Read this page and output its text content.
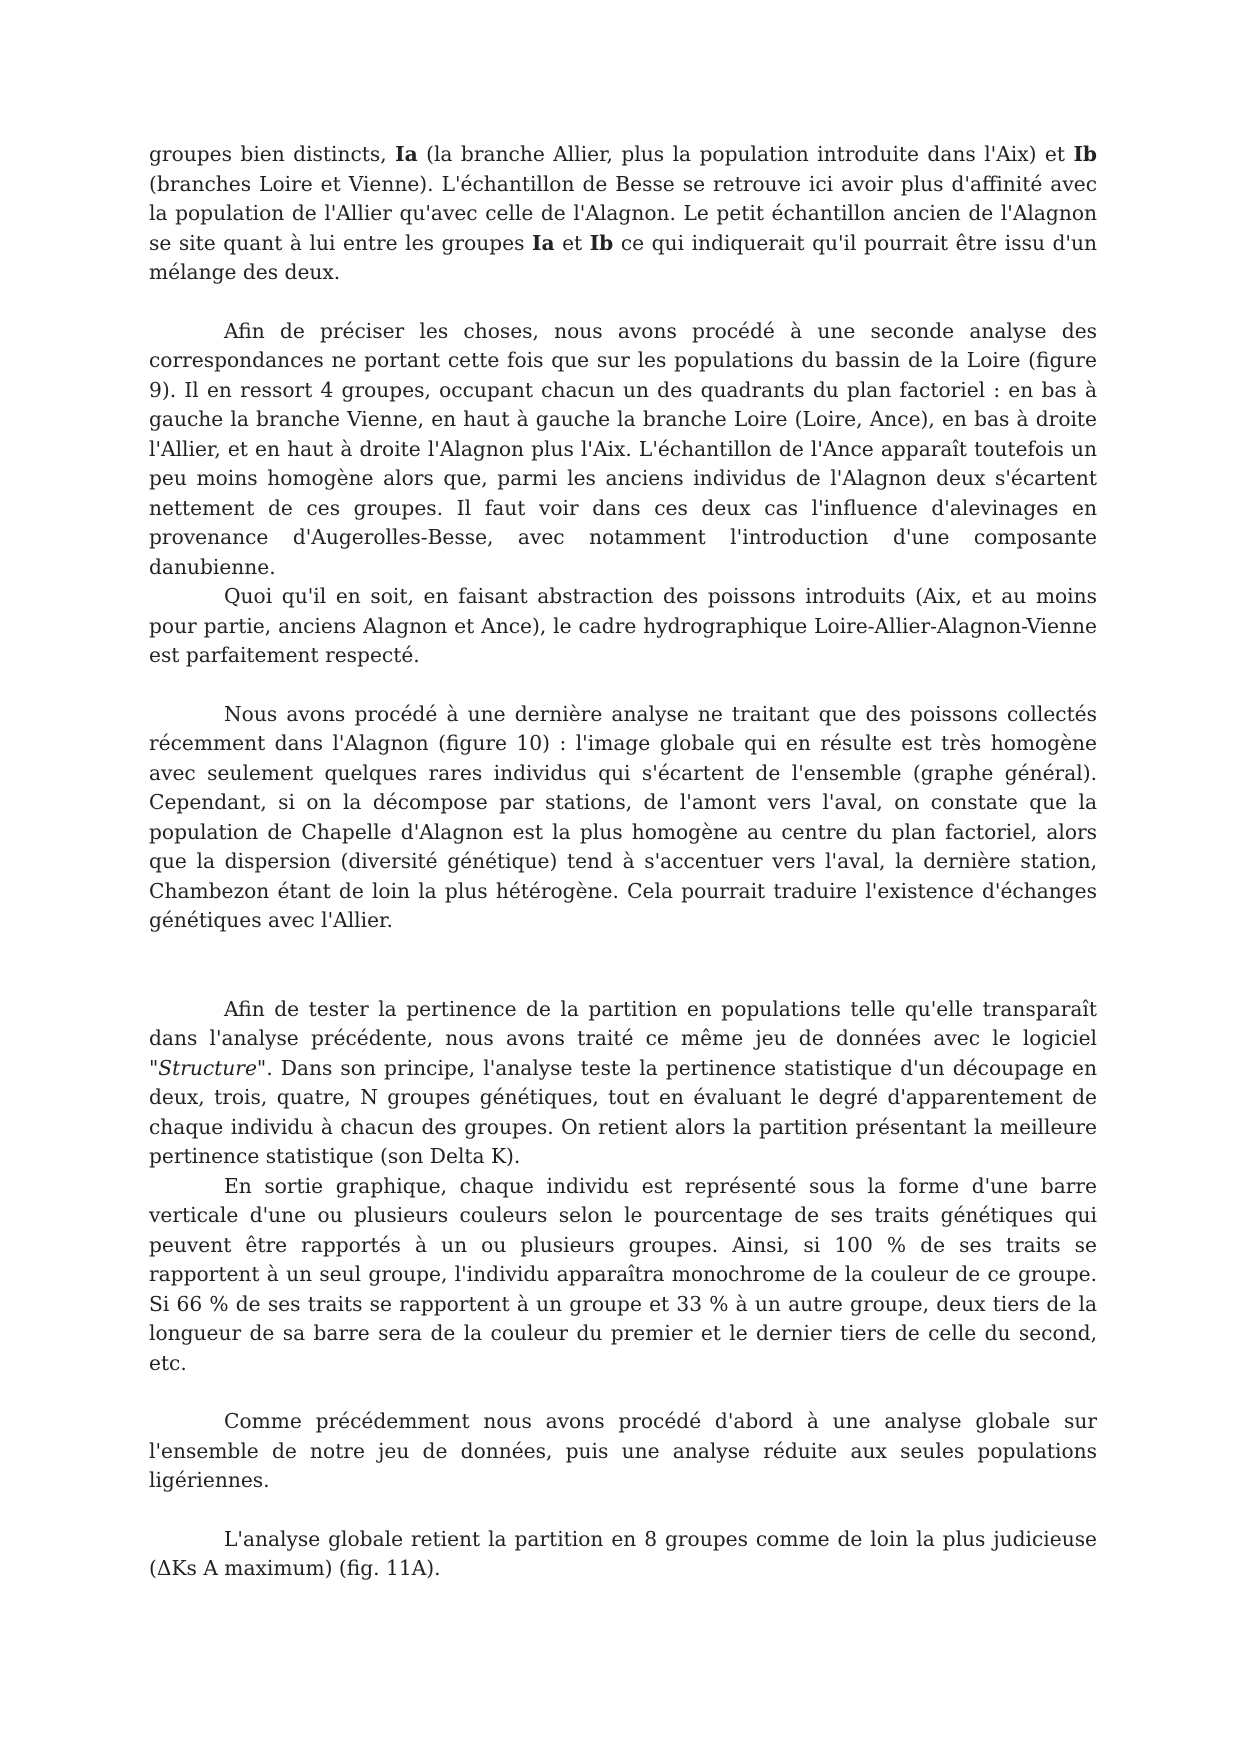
groupes bien distincts, Ia (la branche Allier, plus la population introduite dans l'Aix) et Ib (branches Loire et Vienne). L'échantillon de Besse se retrouve ici avoir plus d'affinité avec la population de l'Allier qu'avec celle de l'Alagnon. Le petit échantillon ancien de l'Alagnon se site quant à lui entre les groupes Ia et Ib ce qui indiquerait qu'il pourrait être issu d'un mélange des deux.

Afin de préciser les choses, nous avons procédé à une seconde analyse des correspondances ne portant cette fois que sur les populations du bassin de la Loire (figure 9). Il en ressort 4 groupes, occupant chacun un des quadrants du plan factoriel : en bas à gauche la branche Vienne, en haut à gauche la branche Loire (Loire, Ance), en bas à droite l'Allier, et en haut à droite l'Alagnon plus l'Aix. L'échantillon de l'Ance apparaît toutefois un peu moins homogène alors que, parmi les anciens individus de l'Alagnon deux s'écartent nettement de ces groupes. Il faut voir dans ces deux cas l'influence d'alevinages en provenance d'Augerolles-Besse, avec notamment l'introduction d'une composante danubienne.

Quoi qu'il en soit, en faisant abstraction des poissons introduits (Aix, et au moins pour partie, anciens Alagnon et Ance), le cadre hydrographique Loire-Allier-Alagnon-Vienne est parfaitement respecté.

Nous avons procédé à une dernière analyse ne traitant que des poissons collectés récemment dans l'Alagnon (figure 10) : l'image globale qui en résulte est très homogène avec seulement quelques rares individus qui s'écartent de l'ensemble (graphe général). Cependant, si on la décompose par stations, de l'amont vers l'aval, on constate que la population de Chapelle d'Alagnon est la plus homogène au centre du plan factoriel, alors que la dispersion (diversité génétique) tend à s'accentuer vers l'aval, la dernière station, Chambezon étant de loin la plus hétérogène. Cela pourrait traduire l'existence d'échanges génétiques avec l'Allier.

Afin de tester la pertinence de la partition en populations telle qu'elle transparaît dans l'analyse précédente, nous avons traité ce même jeu de données avec le logiciel "Structure". Dans son principe, l'analyse teste la pertinence statistique d'un découpage en deux, trois, quatre, N groupes génétiques, tout en évaluant le degré d'apparentement de chaque individu à chacun des groupes. On retient alors la partition présentant la meilleure pertinence statistique (son Delta K).

En sortie graphique, chaque individu est représenté sous la forme d'une barre verticale d'une ou plusieurs couleurs selon le pourcentage de ses traits génétiques qui peuvent être rapportés à un ou plusieurs groupes. Ainsi, si 100 % de ses traits se rapportent à un seul groupe, l'individu apparaîtra monochrome de la couleur de ce groupe. Si 66 % de ses traits se rapportent à un groupe et 33 % à un autre groupe, deux tiers de la longueur de sa barre sera de la couleur du premier et le dernier tiers de celle du second, etc.

Comme précédemment nous avons procédé d'abord à une analyse globale sur l'ensemble de notre jeu de données, puis une analyse réduite aux seules populations ligériennes.

L'analyse globale retient la partition en 8 groupes comme de loin la plus judicieuse (ΔKs A maximum) (fig. 11A).
